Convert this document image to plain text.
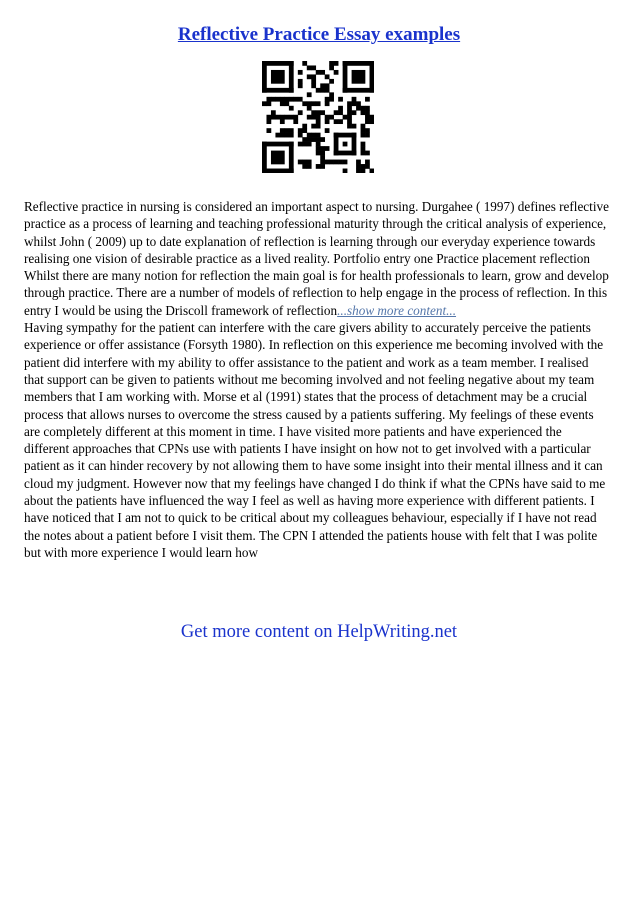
Reflective Practice Essay examples

Reflective practice in nursing is considered an important aspect to nursing. Durgahee ( 1997) defines reflective practice as a process of learning and teaching professional maturity through the critical analysis of experience, whilst John ( 2009) up to date explanation of reflection is learning through our everyday experience towards realising one vision of desirable practice as a lived reality. Portfolio entry one Practice placement reflection Whilst there are many notion for reflection the main goal is for health professionals to learn, grow and develop through practice. There are a number of models of reflection to help engage in the process of reflection. In this entry I would be using the Driscoll framework of reflection...show more content...

Having sympathy for the patient can interfere with the care givers ability to accurately perceive the patients experience or offer assistance (Forsyth 1980). In reflection on this experience me becoming involved with the patient did interfere with my ability to offer assistance to the patient and work as a team member. I realised that support can be given to patients without me becoming involved and not feeling negative about my team members that I am working with. Morse et al (1991) states that the process of detachment may be a crucial process that allows nurses to overcome the stress caused by a patients suffering. My feelings of these events are completely different at this moment in time. I have visited more patients and have experienced the different approaches that CPNs use with patients I have insight on how not to get involved with a particular patient as it can hinder recovery by not allowing them to have some insight into their mental illness and it can cloud my judgment. However now that my feelings have changed I do think if what the CPNs have said to me about the patients have influenced the way I feel as well as having more experience with different patients. I have noticed that I am not to quick to be critical about my colleagues behaviour, especially if I have not read the notes about a patient before I visit them. The CPN I attended the patients house with felt that I was polite but with more experience I would learn how

Get more content on HelpWriting.net
